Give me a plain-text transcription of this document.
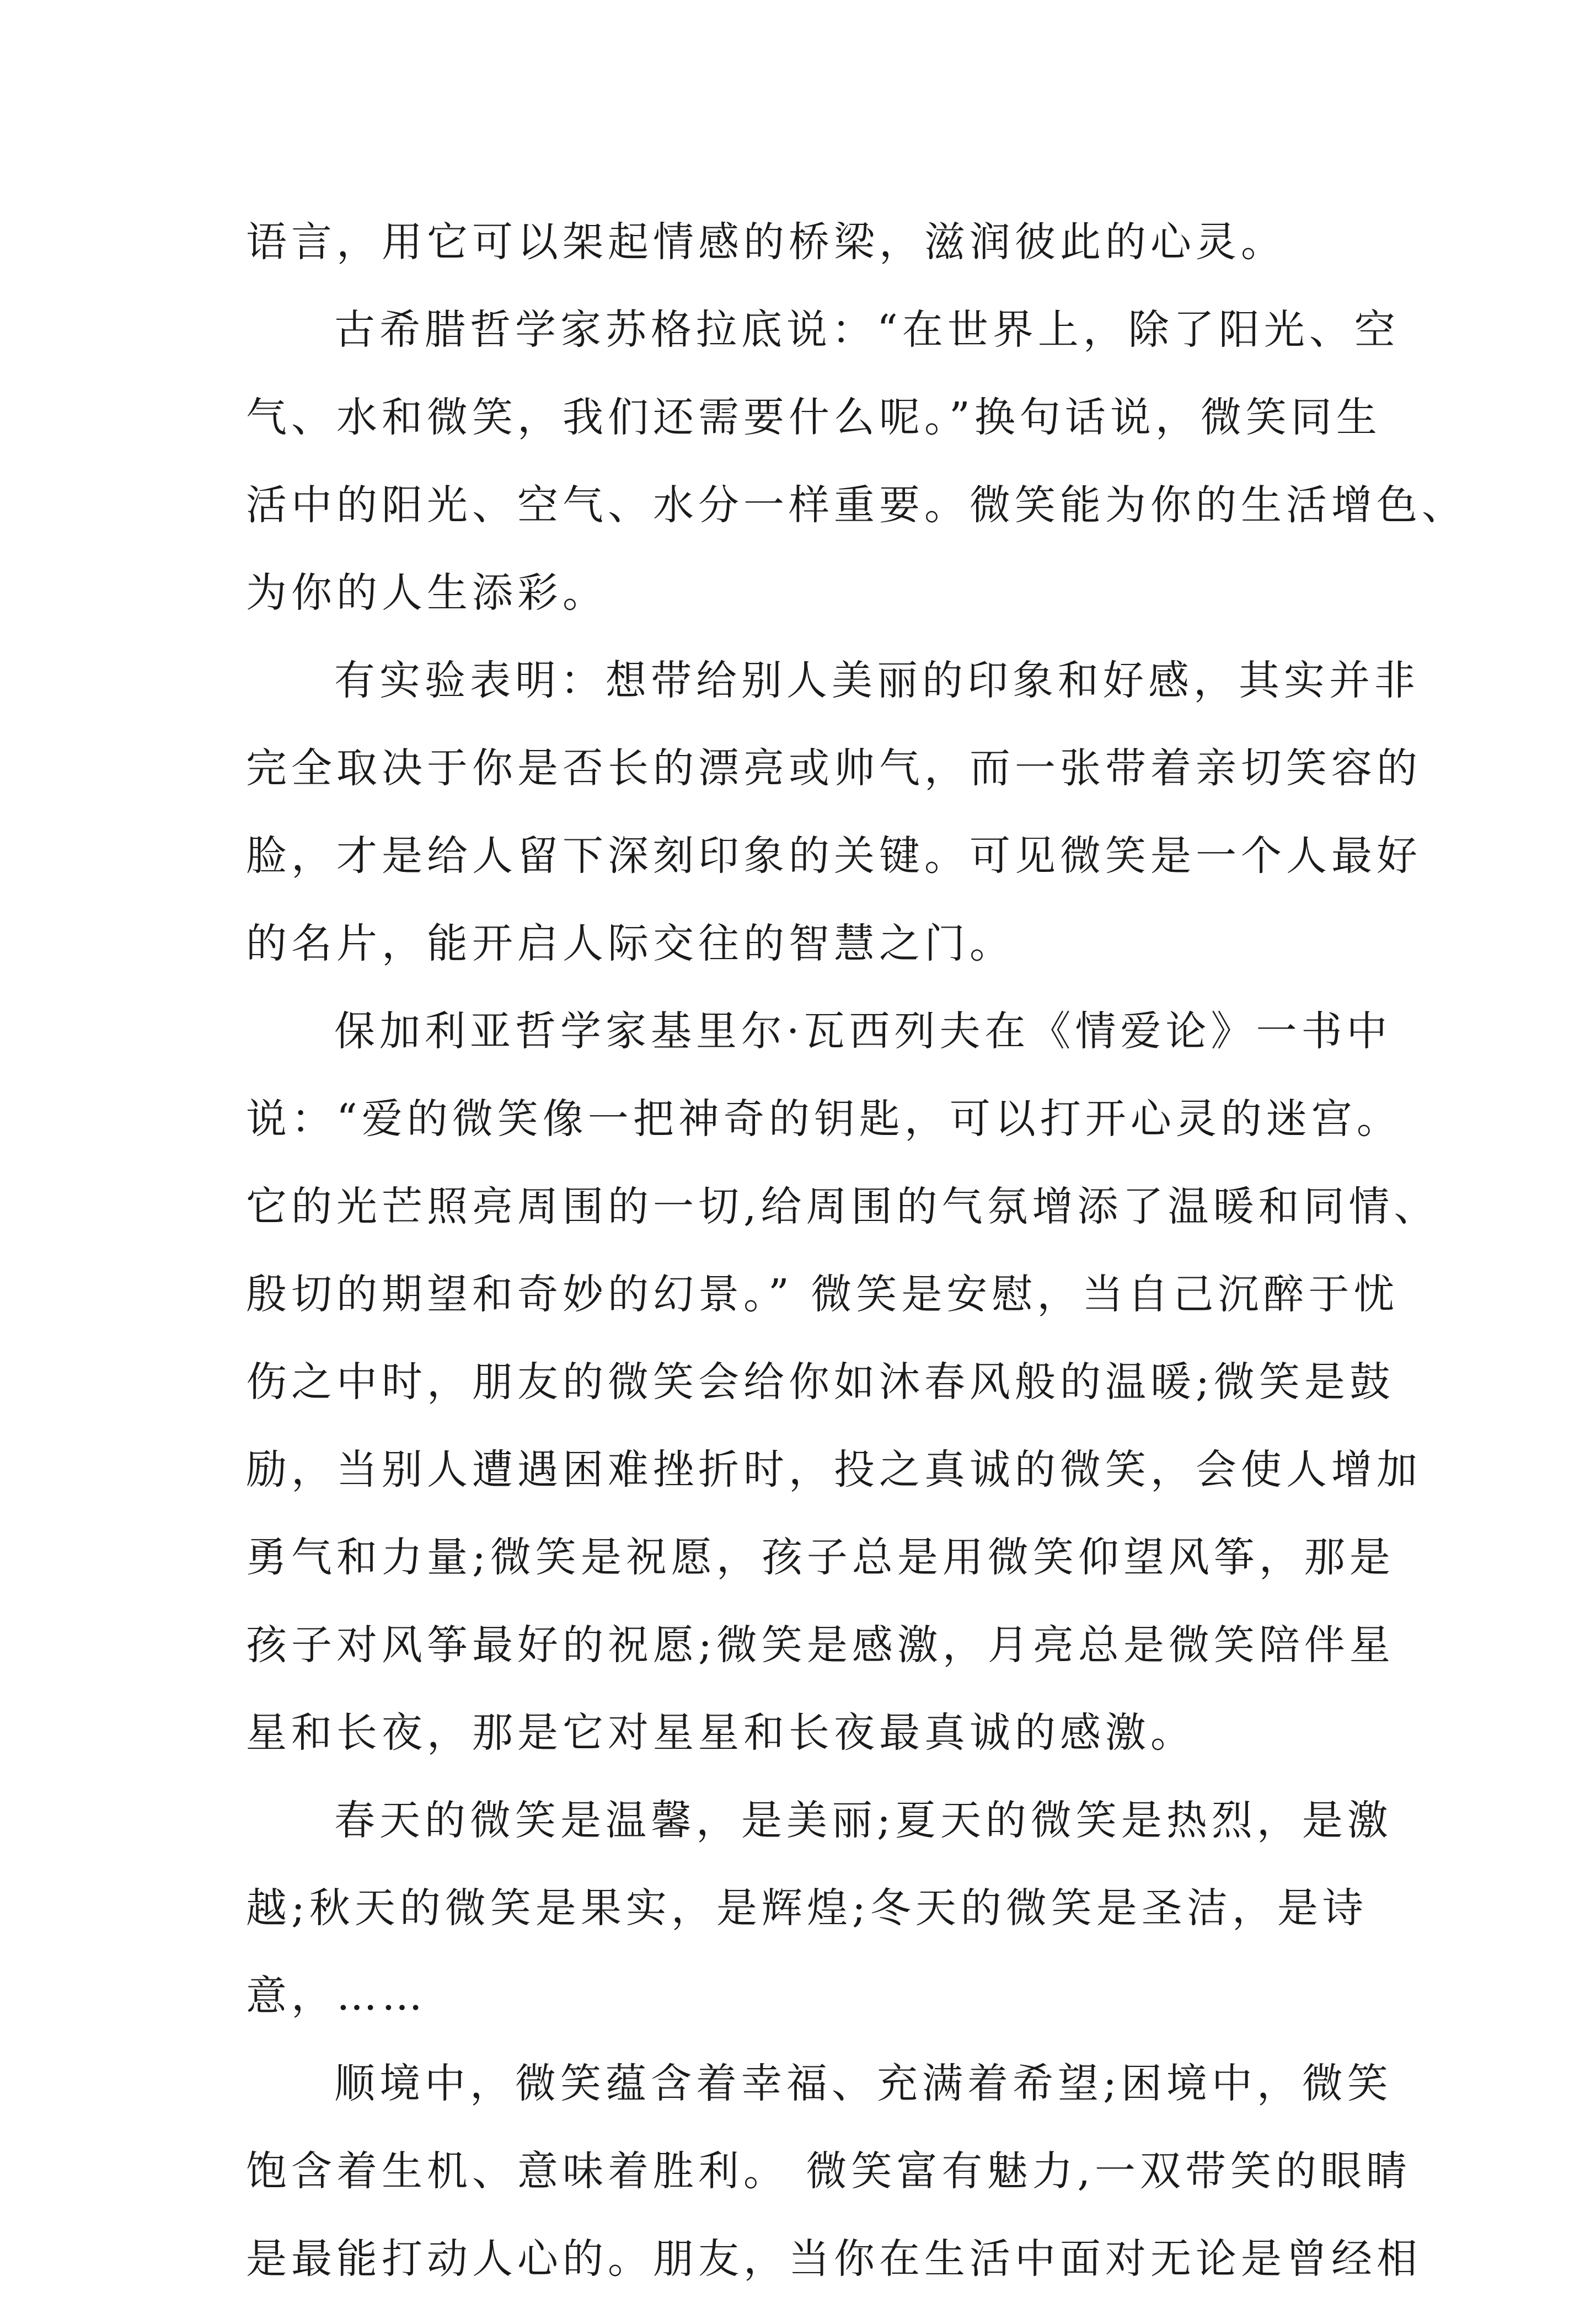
语言，用它可以架起情感的桥梁，滋润彼此的心灵。
古希腊哲学家苏格拉底说：“在世界上，除了阳光、空
气、水和微笑，我们还需要什么呢。”换句话说，微笑同生
活中的阳光、空气、水分一样重要。微笑能为你的生活增色、
为你的人生添彩。
有实验表明：想带给别人美丽的印象和好感，其实并非
完全取决于你是否长的漂亮或帅气，而一张带着亲切笑容的
脸，才是给人留下深刻印象的关键。可见微笑是一个人最好
的名片，能开启人际交往的智慧之门。
保加利亚哲学家基里尔·瓦西列夫在《情爱论》一书中
说：“爱的微笑像一把神奇的钥匙，可以打开心灵的迷宫。
它的光芒照亮周围的一切,给周围的气氛增添了温暖和同情、
殷切的期望和奇妙的幻景。” 微笑是安慰，当自己沉醉于忧
伤之中时，朋友的微笑会给你如沐春风般的温暖;微笑是鼓
励，当别人遭遇困难挫折时，投之真诚的微笑，会使人增加
勇气和力量;微笑是祝愿，孩子总是用微笑仰望风筝，那是
孩子对风筝最好的祝愿;微笑是感激，月亮总是微笑陪伴星
星和长夜，那是它对星星和长夜最真诚的感激。
春天的微笑是温馨，是美丽;夏天的微笑是热烈，是激
越;秋天的微笑是果实，是辉煌;冬天的微笑是圣洁，是诗
意，……
顺境中，微笑蕴含着幸福、充满着希望;困境中，微笑
饱含着生机、意味着胜利。 微笑富有魅力,一双带笑的眼睛
是最能打动人心的。朋友，当你在生活中面对无论是曾经相
